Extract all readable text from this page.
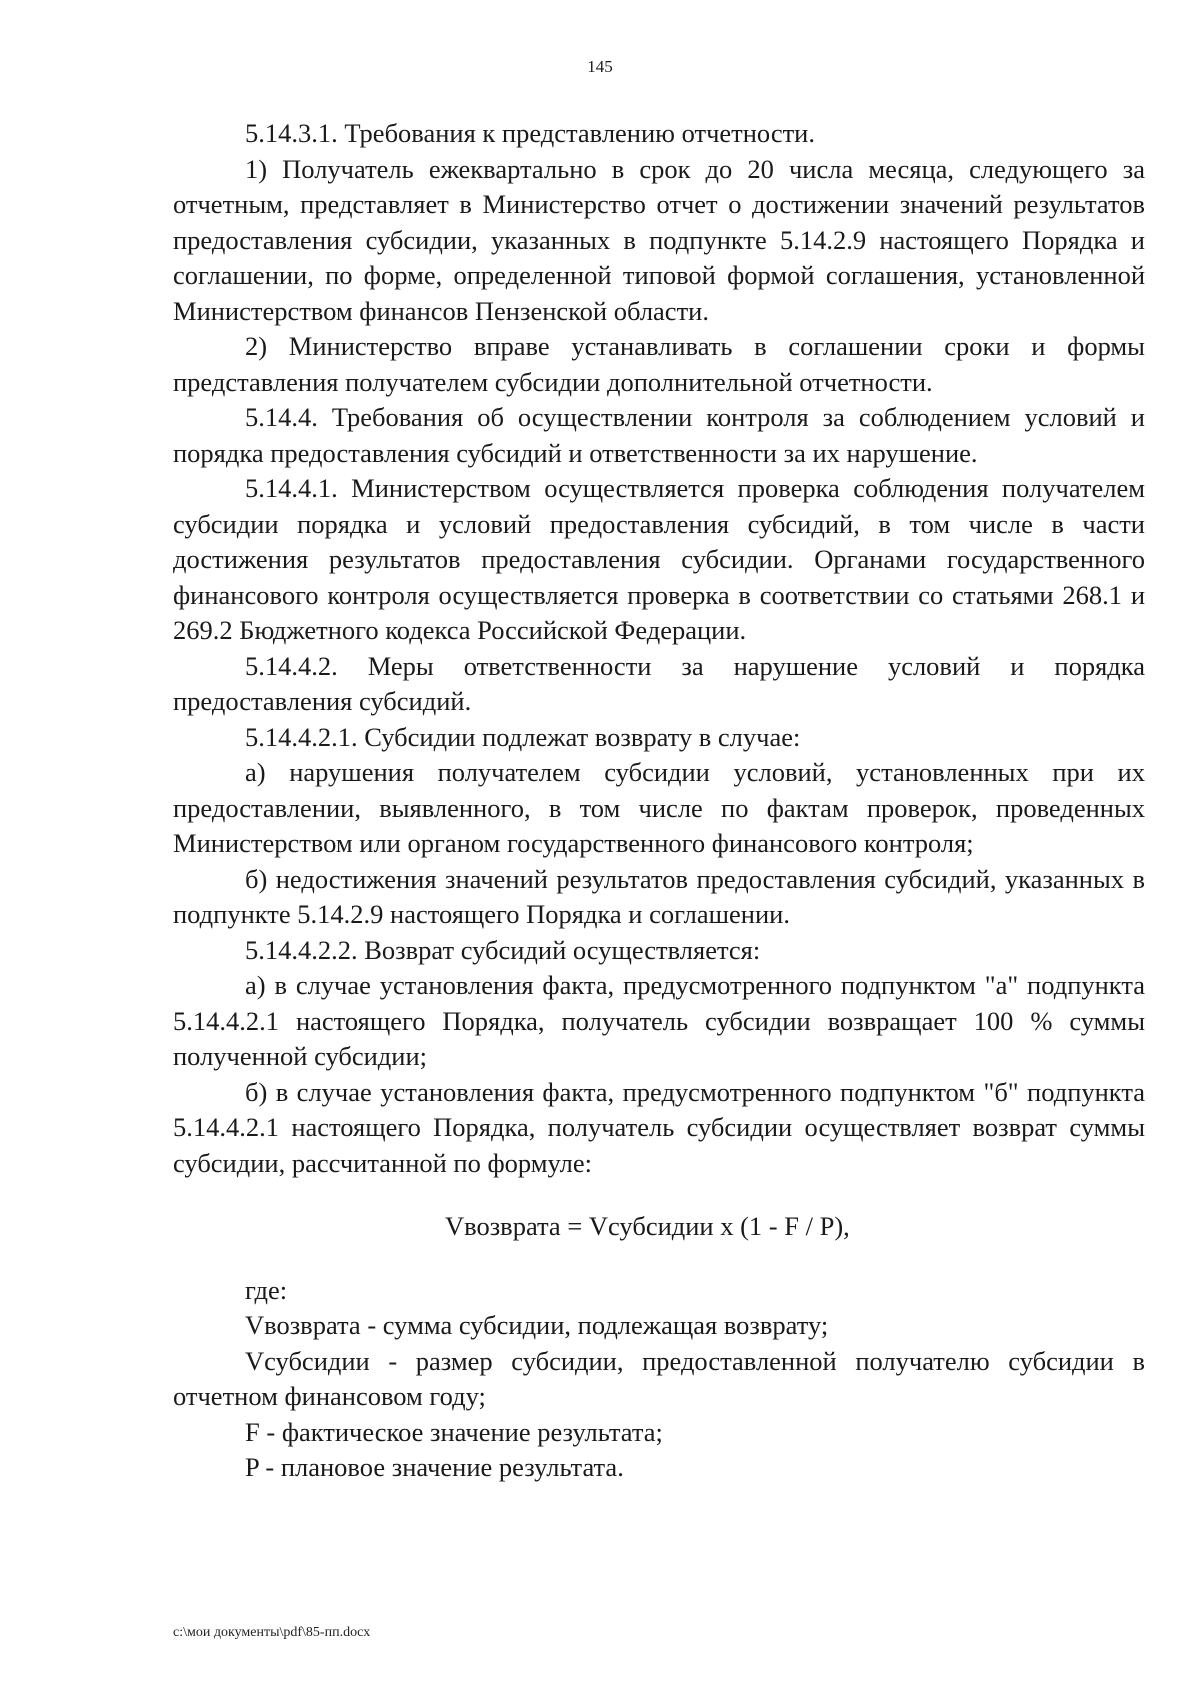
145

5.14.3.1. Требования к представлению отчетности.

1) Получатель ежеквартально в срок до 20 числа месяца, следующего за отчетным, представляет в Министерство отчет о достижении значений результатов предоставления субсидии, указанных в подпункте 5.14.2.9 настоящего Порядка и соглашении, по форме, определенной типовой формой соглашения, установленной Министерством финансов Пензенской области.

2) Министерство вправе устанавливать в соглашении сроки и формы представления получателем субсидии дополнительной отчетности.

5.14.4. Требования об осуществлении контроля за соблюдением условий и порядка предоставления субсидий и ответственности за их нарушение.

5.14.4.1. Министерством осуществляется проверка соблюдения получателем субсидии порядка и условий предоставления субсидий, в том числе в части достижения результатов предоставления субсидии. Органами государственного финансового контроля осуществляется проверка в соответствии со статьями 268.1 и 269.2 Бюджетного кодекса Российской Федерации.

5.14.4.2. Меры ответственности за нарушение условий и порядка предоставления субсидий.

5.14.4.2.1. Субсидии подлежат возврату в случае:

а) нарушения получателем субсидии условий, установленных при их предоставлении, выявленного, в том числе по фактам проверок, проведенных Министерством или органом государственного финансового контроля;

б) недостижения значений результатов предоставления субсидий, указанных в подпункте 5.14.2.9 настоящего Порядка и соглашении.

5.14.4.2.2. Возврат субсидий осуществляется:

а) в случае установления факта, предусмотренного подпунктом "а" подпункта 5.14.4.2.1 настоящего Порядка, получатель субсидии возвращает 100 % суммы полученной субсидии;

б) в случае установления факта, предусмотренного подпунктом "б" подпункта 5.14.4.2.1 настоящего Порядка, получатель субсидии осуществляет возврат суммы субсидии, рассчитанной по формуле:

Vвозврата = Vсубсидии x (1 - F / P),

где:

Vвозврата - сумма субсидии, подлежащая возврату;

Vсубсидии - размер субсидии, предоставленной получателю субсидии в отчетном финансовом году;

F - фактическое значение результата;

P - плановое значение результата.

c:\мои документы\pdf\85-пп.docx
